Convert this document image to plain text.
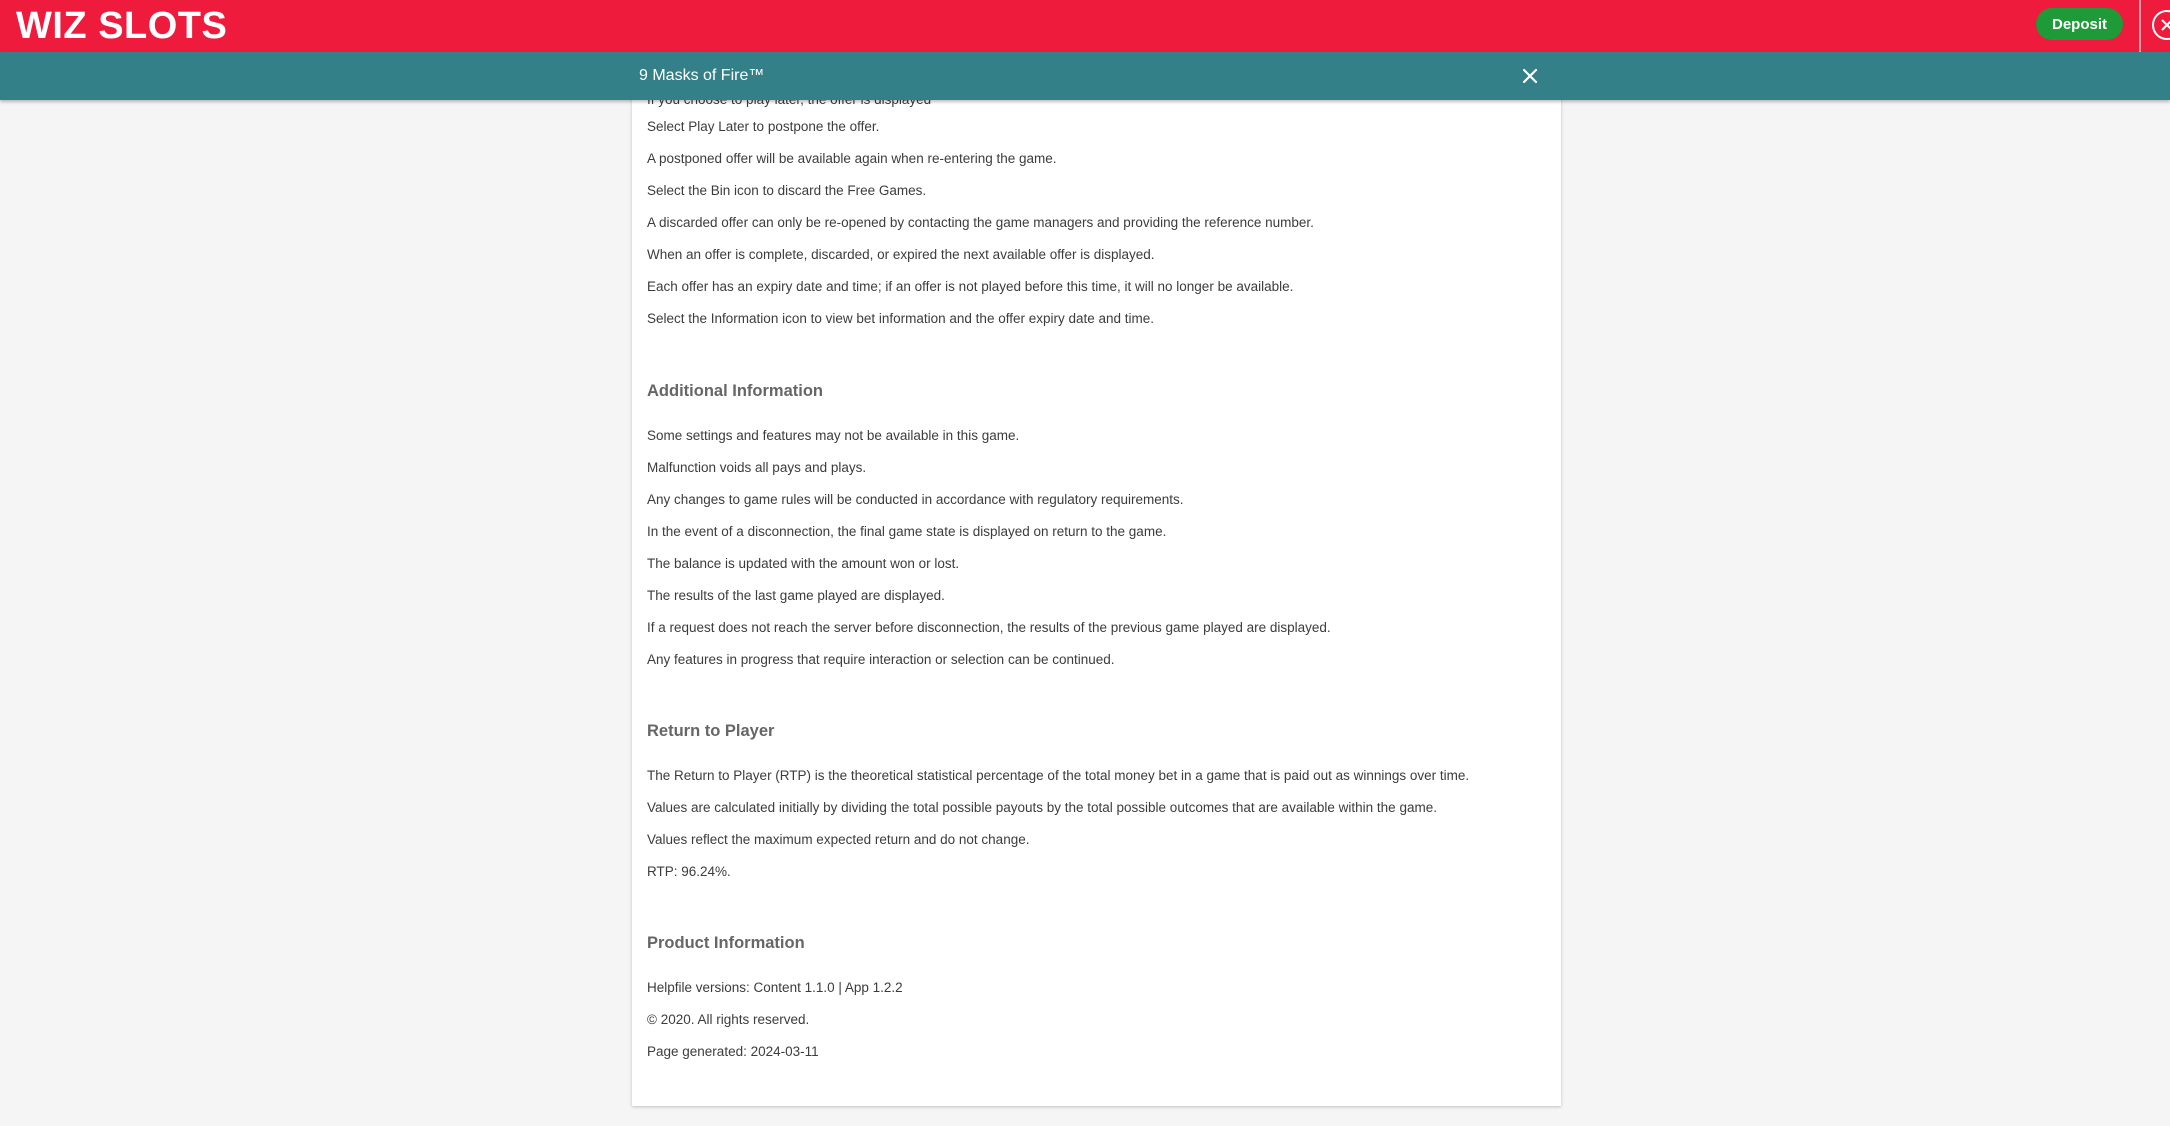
WIZ SLOTS	Deposit
9 Masks of Fire™
Select Play Later to postpone the offer.
A postponed offer will be available again when re-entering the game.
Select the Bin icon to discard the Free Games.
A discarded offer can only be re-opened by contacting the game managers and providing the reference number.
When an offer is complete, discarded, or expired the next available offer is displayed.
Each offer has an expiry date and time; if an offer is not played before this time, it will no longer be available.
Select the Information icon to view bet information and the offer expiry date and time.
Additional Information
Some settings and features may not be available in this game.
Malfunction voids all pays and plays.
Any changes to game rules will be conducted in accordance with regulatory requirements.
In the event of a disconnection, the final game state is displayed on return to the game.
The balance is updated with the amount won or lost.
The results of the last game played are displayed.
If a request does not reach the server before disconnection, the results of the previous game played are displayed.
Any features in progress that require interaction or selection can be continued.
Return to Player
The Return to Player (RTP) is the theoretical statistical percentage of the total money bet in a game that is paid out as winnings over time.
Values are calculated initially by dividing the total possible payouts by the total possible outcomes that are available within the game.
Values reflect the maximum expected return and do not change.
RTP: 96.24%.
Product Information
Helpfile versions: Content 1.1.0 | App 1.2.2
© 2020. All rights reserved.
Page generated: 2024-03-11
